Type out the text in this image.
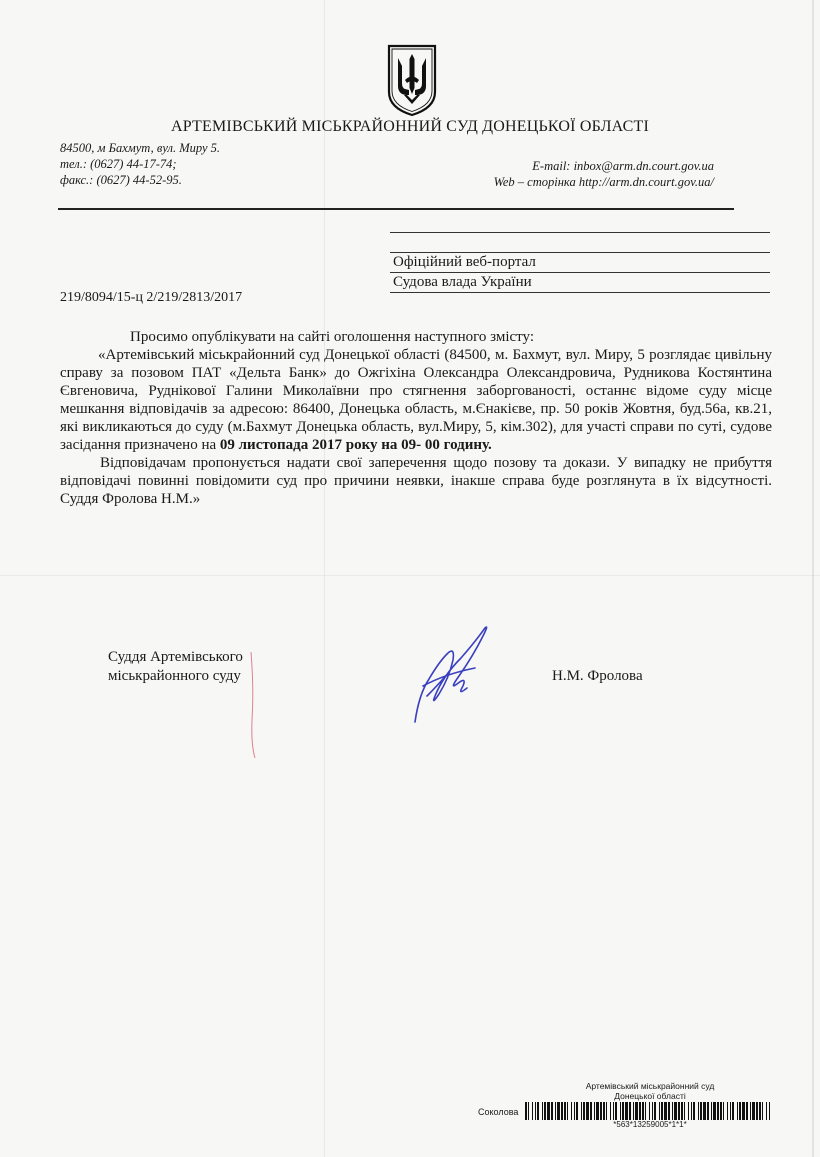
АРТЕМІВСЬКИЙ МІСЬКРАЙОННИЙ СУД ДОНЕЦЬКОЇ ОБЛАСТІ
84500, м Бахмут, вул. Миру 5.
тел.: (0627) 44-17-74;
факс.: (0627) 44-52-95.
E-mail: inbox@arm.dn.court.gov.ua
Web – сторінка http://arm.dn.court.gov.ua/
Офіційний веб-портал
Судова влада України
219/8094/15-ц 2/219/2813/2017

Просимо опублікувати на сайті оголошення наступного змісту:

«Артемівський міськрайонний суд Донецької області (84500, м. Бахмут, вул. Миру, 5 розглядає цивільну справу за позовом ПАТ «Дельта Банк» до Ожгіхіна Олександра Олександровича, Рудникова Костянтина Євгеновича, Руднікової Галини Миколаївни про стягнення заборгованості, останнє відоме суду місце мешкання відповідачів за адресою: 86400, Донецька область, м.Єнакієве, пр. 50 років Жовтня, буд.56а, кв.21, які викликаються до суду (м.Бахмут Донецька область, вул.Миру, 5, кім.302), для участі справи по суті, судове засідання призначено на 09 листопада 2017 року на 09- 00 годину.

Відповідачам пропонується надати свої заперечення щодо позову та докази. У випадку не прибуття відповідачі повинні повідомити суд про причини неявки, інакше справа буде розглянута в їх відсутності. Суддя Фролова Н.М.»

Суддя Артемівського
міськрайонного суду	Н.М. Фролова
Артемівський міськрайонний суд
Донецької області
Соколова
*563*13259005*1*1*
